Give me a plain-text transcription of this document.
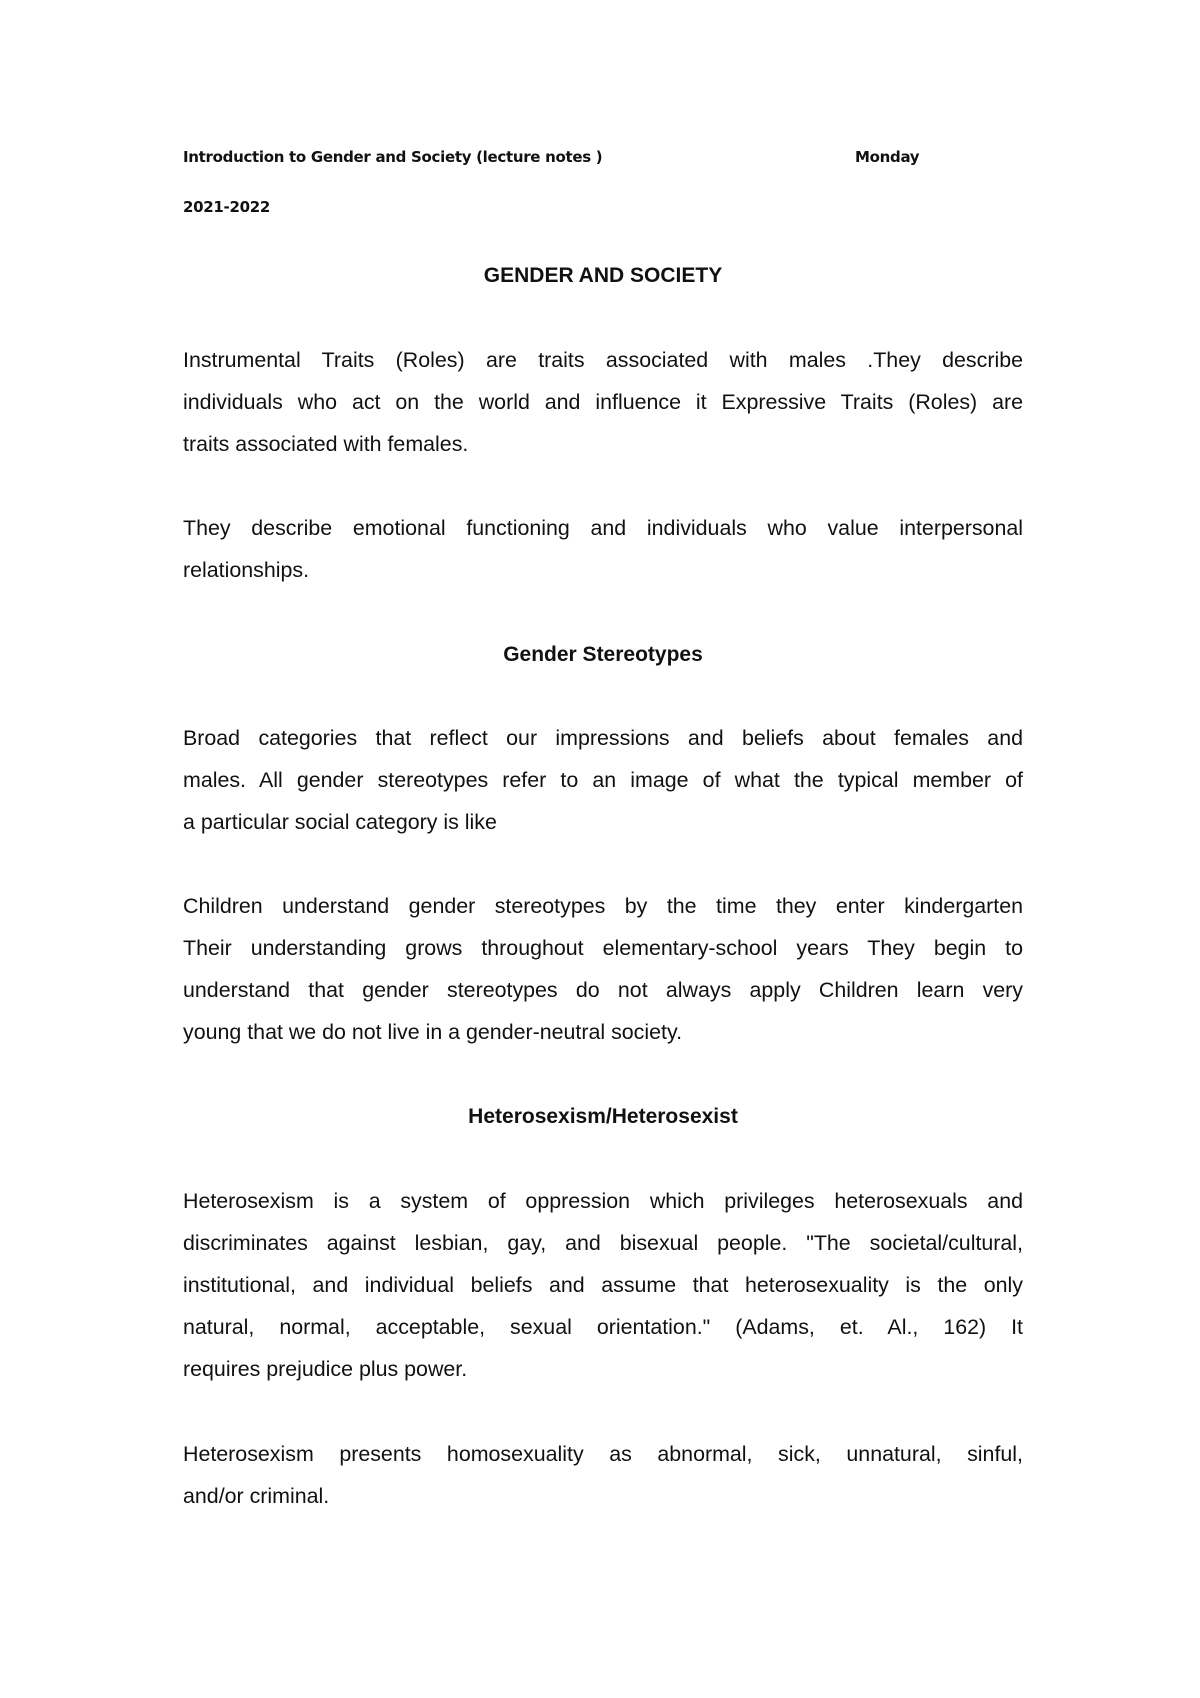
Introduction to Gender and Society (lecture notes )	Monday
2021-2022
GENDER AND SOCIETY
Instrumental Traits (Roles) are traits associated with males .They describe
individuals who act on the world and influence it Expressive Traits (Roles) are
traits associated with females.
They describe emotional functioning and individuals who value interpersonal
relationships.
Gender Stereotypes
Broad categories that reflect our impressions and beliefs about females and
males. All gender stereotypes refer to an image of what the typical member of
a particular social category is like
Children understand gender stereotypes by the time they enter kindergarten
Their understanding grows throughout elementary-school years They begin to
understand that gender stereotypes do not always apply Children learn very
young that we do not live in a gender-neutral society.
Heterosexism/Heterosexist
Heterosexism is a system of oppression which privileges heterosexuals and
discriminates against lesbian, gay, and bisexual people. "The societal/cultural,
institutional, and individual beliefs and assume that heterosexuality is the only
natural, normal, acceptable, sexual orientation." (Adams, et. Al., 162) It
requires prejudice plus power.
Heterosexism presents homosexuality as abnormal, sick, unnatural, sinful,
and/or criminal.
